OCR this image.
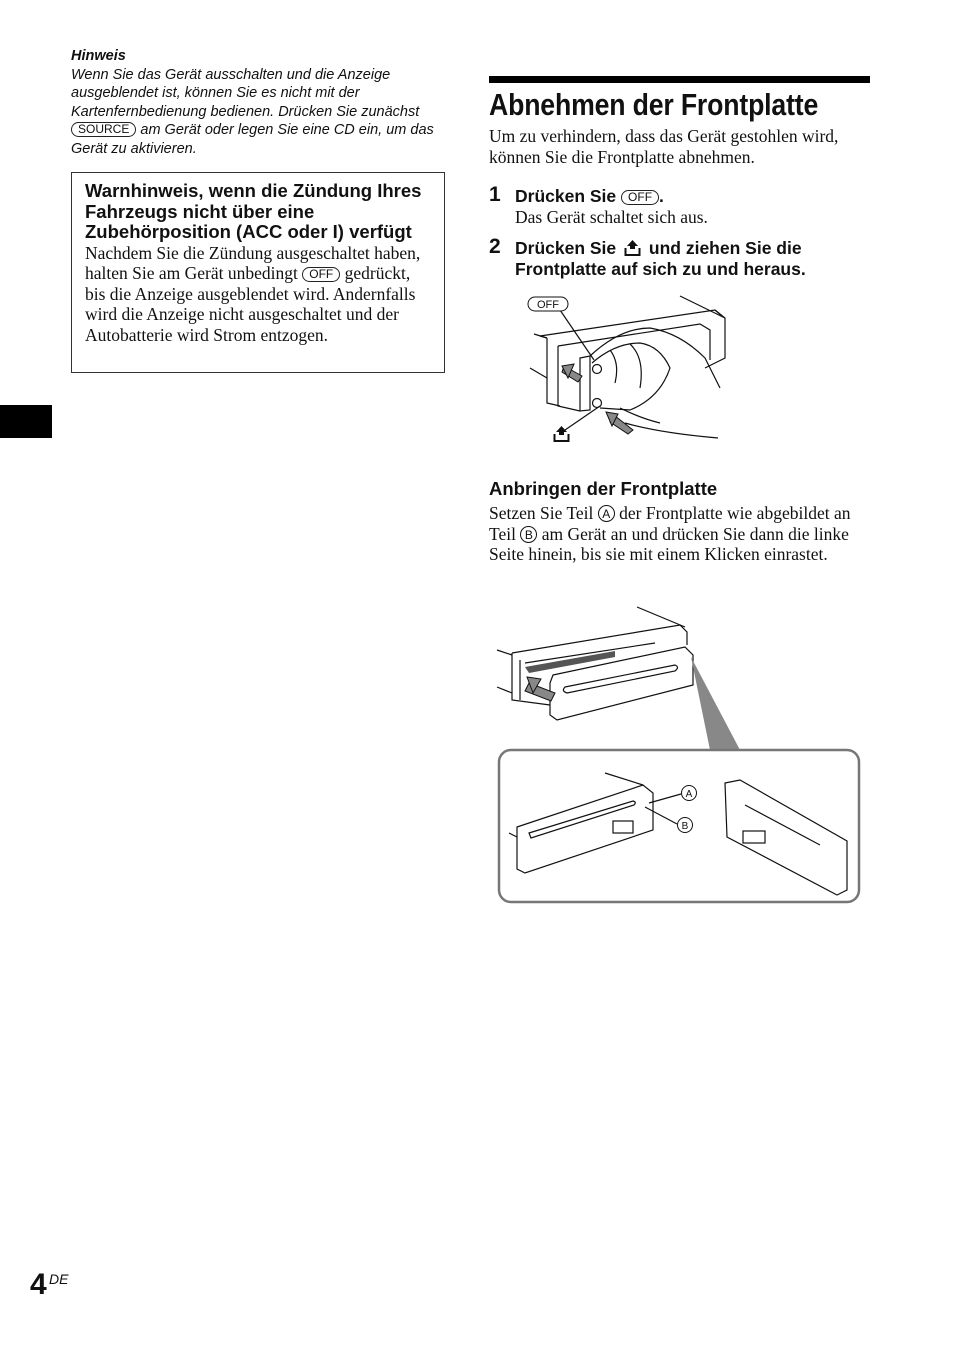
Hinweis
Wenn Sie das Gerät ausschalten und die Anzeige ausgeblendet ist, können Sie es nicht mit der Kartenfernbedienung bedienen. Drücken Sie zunächst SOURCE am Gerät oder legen Sie eine CD ein, um das Gerät zu aktivieren.
Warnhinweis, wenn die Zündung Ihres Fahrzeugs nicht über eine Zubehörposition (ACC oder I) verfügt
Nachdem Sie die Zündung ausgeschaltet haben, halten Sie am Gerät unbedingt OFF gedrückt, bis die Anzeige ausgeblendet wird. Andernfalls wird die Anzeige nicht ausgeschaltet und der Autobatterie wird Strom entzogen.
Abnehmen der Frontplatte
Um zu verhindern, dass das Gerät gestohlen wird, können Sie die Frontplatte abnehmen.
1 Drücken Sie OFF .
Das Gerät schaltet sich aus.
2 Drücken Sie und ziehen Sie die Frontplatte auf sich zu und heraus.
OFF
Anbringen der Frontplatte
Setzen Sie Teil A der Frontplatte wie abgebildet an Teil B am Gerät an und drücken Sie dann die linke Seite hinein, bis sie mit einem Klicken einrastet.
A
B
4 DE
